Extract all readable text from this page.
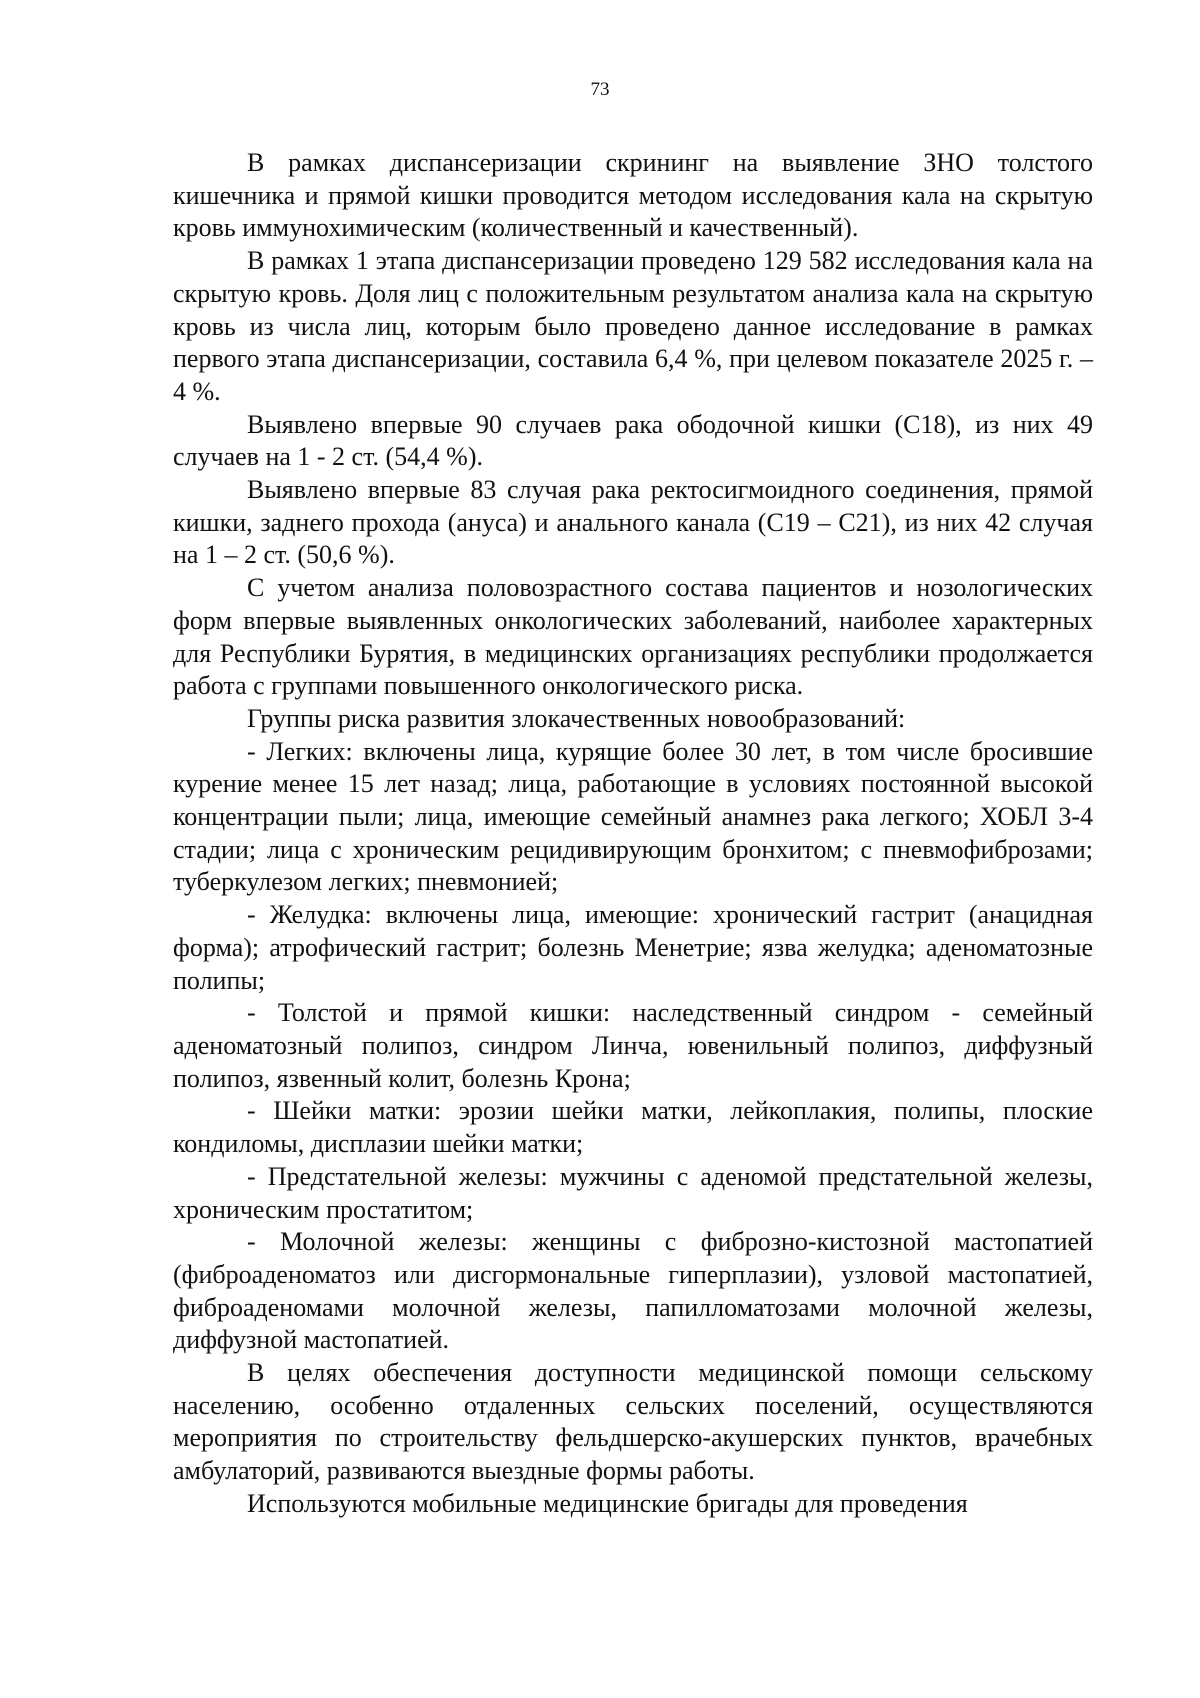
73

В рамках диспансеризации скрининг на выявление ЗНО толстого кишечника и прямой кишки проводится методом исследования кала на скрытую кровь иммунохимическим (количественный и качественный).

В рамках 1 этапа диспансеризации проведено 129 582 исследования кала на скрытую кровь. Доля лиц с положительным результатом анализа кала на скрытую кровь из числа лиц, которым было проведено данное исследование в рамках первого этапа диспансеризации, составила 6,4 %, при целевом показателе 2025 г. – 4 %.

Выявлено впервые 90 случаев рака ободочной кишки (С18), из них 49 случаев на 1 - 2 ст. (54,4 %).

Выявлено впервые 83 случая рака ректосигмоидного соединения, прямой кишки, заднего прохода (ануса) и анального канала (С19 – С21), из них 42 случая на 1 – 2 ст. (50,6 %).

С учетом анализа половозрастного состава пациентов и нозологических форм впервые выявленных онкологических заболеваний, наиболее характерных для Республики Бурятия, в медицинских организациях республики продолжается работа с группами повышенного онкологического риска.

Группы риска развития злокачественных новообразований:

- Легких: включены лица, курящие более 30 лет, в том числе бросившие курение менее 15 лет назад; лица, работающие в условиях постоянной высокой концентрации пыли; лица, имеющие семейный анамнез рака легкого; ХОБЛ 3-4 стадии; лица с хроническим рецидивирующим бронхитом; с пневмофиброзами; туберкулезом легких; пневмонией;

- Желудка: включены лица, имеющие: хронический гастрит (анацидная форма); атрофический гастрит; болезнь Менетрие; язва желудка; аденоматозные полипы;

- Толстой и прямой кишки: наследственный синдром - семейный аденоматозный полипоз, синдром Линча, ювенильный полипоз, диффузный полипоз, язвенный колит, болезнь Крона;

- Шейки матки: эрозии шейки матки, лейкоплакия, полипы, плоские кондиломы, дисплазии шейки матки;

- Предстательной железы: мужчины с аденомой предстательной железы, хроническим простатитом;

- Молочной железы: женщины с фиброзно-кистозной мастопатией (фиброаденоматоз или дисгормональные гиперплазии), узловой мастопатией, фиброаденомами молочной железы, папилломатозами молочной железы, диффузной мастопатией.

В целях обеспечения доступности медицинской помощи сельскому населению, особенно отдаленных сельских поселений, осуществляются мероприятия по строительству фельдшерско-акушерских пунктов, врачебных амбулаторий, развиваются выездные формы работы.

Используются мобильные медицинские бригады для проведения
